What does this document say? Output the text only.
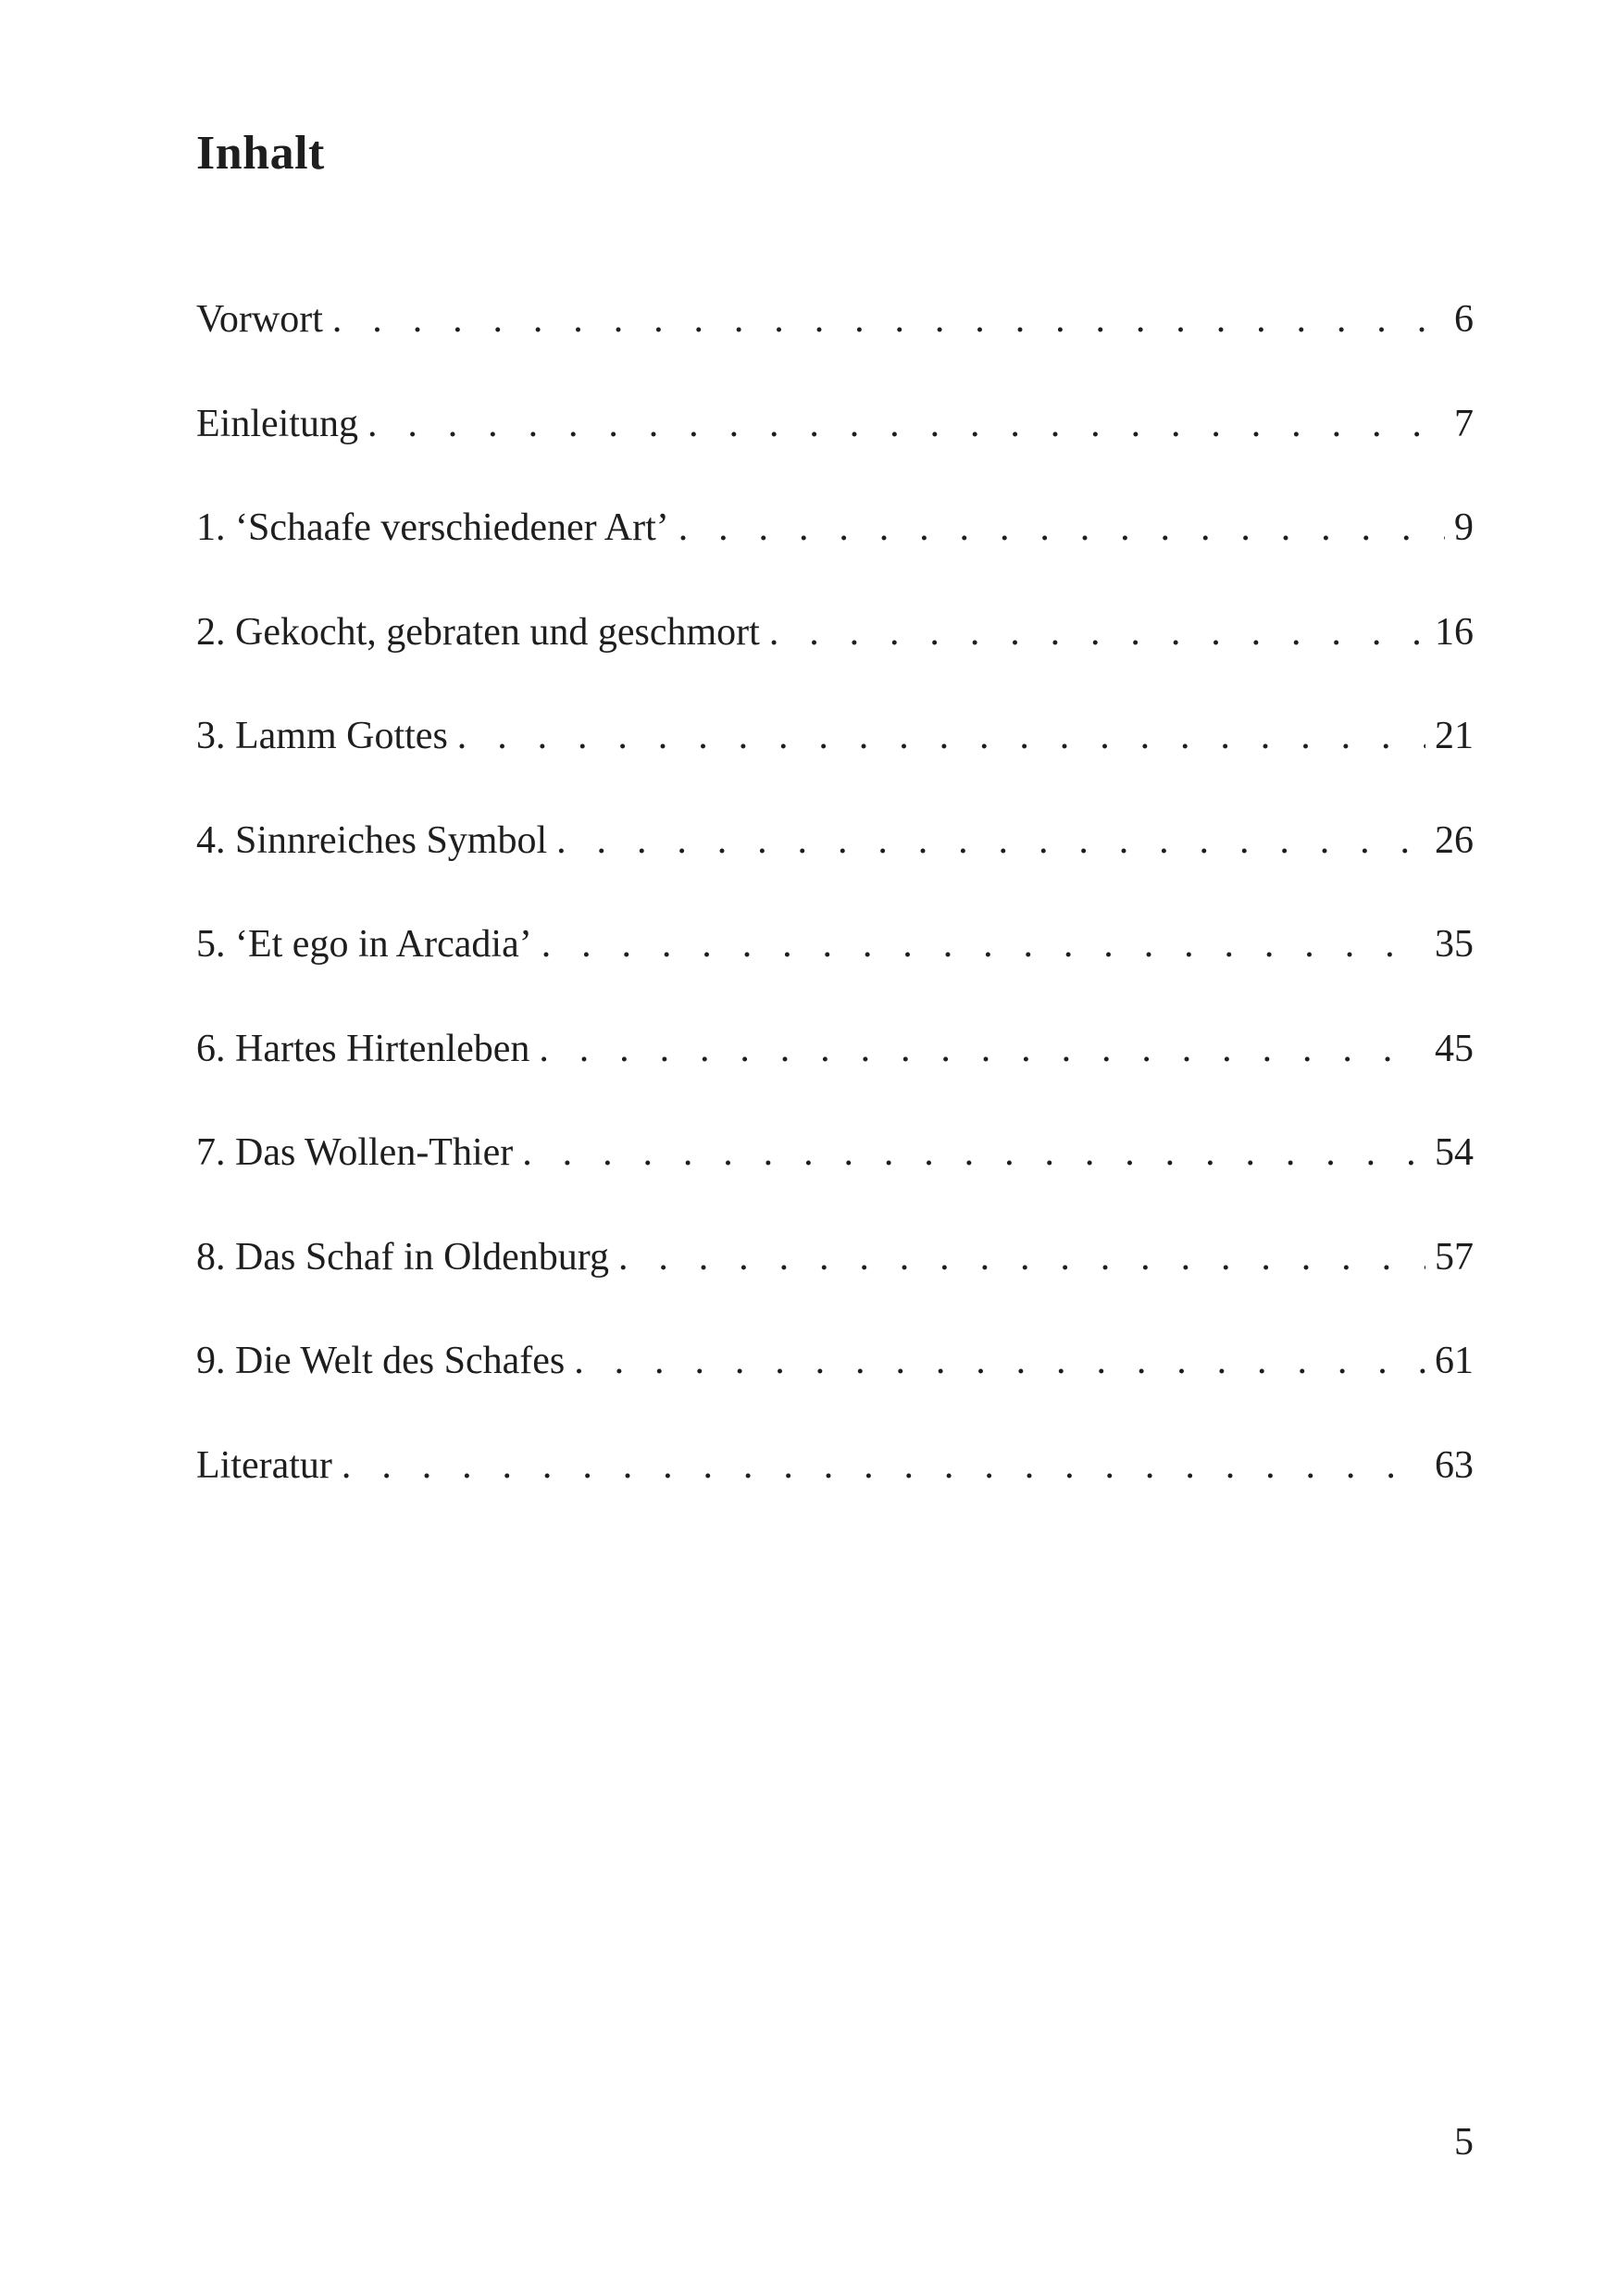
Inhalt
Vorwort . . .	6
Einleitung . . .	7
1. ‘Schaafe verschiedener Art’ . . .	9
2. Gekocht, gebraten und geschmort . . .	16
3. Lamm Gottes . . .	21
4. Sinnreiches Symbol . . .	26
5. ‘Et ego in Arcadia’ . . .	35
6. Hartes Hirtenleben . . .	45
7. Das Wollen-Thier . . .	54
8. Das Schaf in Oldenburg . . .	57
9. Die Welt des Schafes . . .	61
Literatur . . .	63
5
